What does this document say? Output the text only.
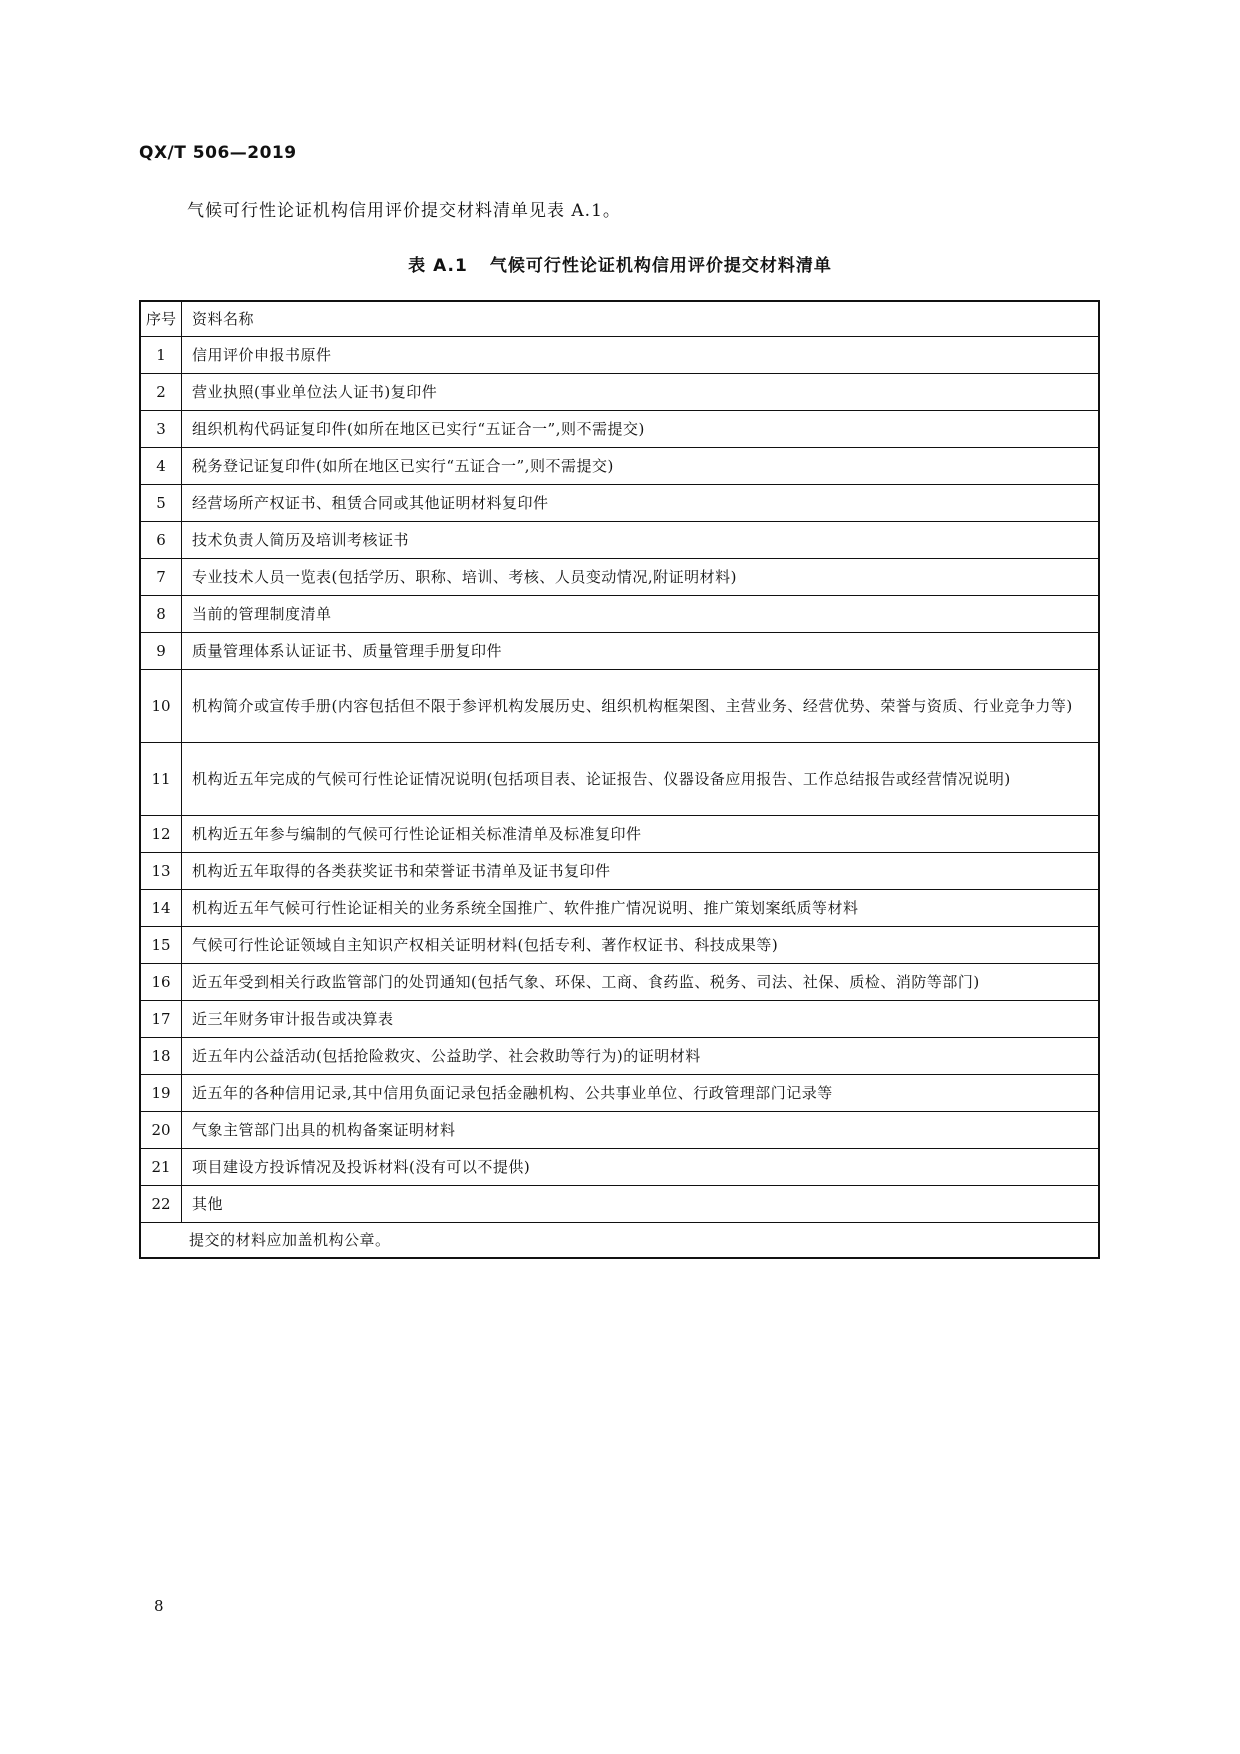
QX/T 506—2019
气候可行性论证机构信用评价提交材料清单见表 A.1。
表 A.1 气候可行性论证机构信用评价提交材料清单
序号	资料名称
1	信用评价申报书原件
2	营业执照(事业单位法人证书)复印件
3	组织机构代码证复印件(如所在地区已实行“五证合一”,则不需提交)
4	税务登记证复印件(如所在地区已实行“五证合一”,则不需提交)
5	经营场所产权证书、租赁合同或其他证明材料复印件
6	技术负责人简历及培训考核证书
7	专业技术人员一览表(包括学历、职称、培训、考核、人员变动情况,附证明材料)
8	当前的管理制度清单
9	质量管理体系认证证书、质量管理手册复印件
10	机构简介或宣传手册(内容包括但不限于参评机构发展历史、组织机构框架图、主营业务、经营优势、荣誉与资质、行业竞争力等)
11	机构近五年完成的气候可行性论证情况说明(包括项目表、论证报告、仪器设备应用报告、工作总结报告或经营情况说明)
12	机构近五年参与编制的气候可行性论证相关标准清单及标准复印件
13	机构近五年取得的各类获奖证书和荣誉证书清单及证书复印件
14	机构近五年气候可行性论证相关的业务系统全国推广、软件推广情况说明、推广策划案纸质等材料
15	气候可行性论证领域自主知识产权相关证明材料(包括专利、著作权证书、科技成果等)
16	近五年受到相关行政监管部门的处罚通知(包括气象、环保、工商、食药监、税务、司法、社保、质检、消防等部门)
17	近三年财务审计报告或决算表
18	近五年内公益活动(包括抢险救灾、公益助学、社会救助等行为)的证明材料
19	近五年的各种信用记录,其中信用负面记录包括金融机构、公共事业单位、行政管理部门记录等
20	气象主管部门出具的机构备案证明材料
21	项目建设方投诉情况及投诉材料(没有可以不提供)
22	其他
提交的材料应加盖机构公章。	
8
